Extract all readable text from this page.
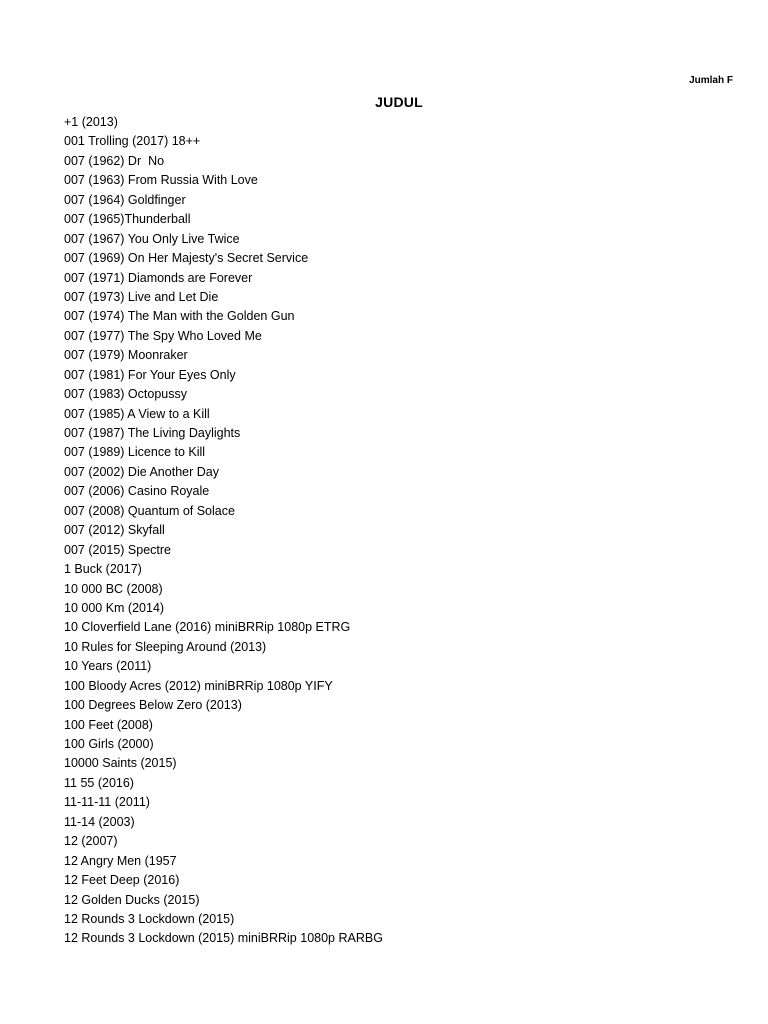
Jumlah F
JUDUL
+1 (2013)
001 Trolling (2017) 18++
007 (1962) Dr  No
007 (1963) From Russia With Love
007 (1964) Goldfinger
007 (1965)Thunderball
007 (1967) You Only Live Twice
007 (1969) On Her Majesty's Secret Service
007 (1971) Diamonds are Forever
007 (1973) Live and Let Die
007 (1974) The Man with the Golden Gun
007 (1977) The Spy Who Loved Me
007 (1979) Moonraker
007 (1981) For Your Eyes Only
007 (1983) Octopussy
007 (1985) A View to a Kill
007 (1987) The Living Daylights
007 (1989) Licence to Kill
007 (2002) Die Another Day
007 (2006) Casino Royale
007 (2008) Quantum of Solace
007 (2012) Skyfall
007 (2015) Spectre
1 Buck (2017)
10 000 BC (2008)
10 000 Km (2014)
10 Cloverfield Lane (2016) miniBRRip 1080p ETRG
10 Rules for Sleeping Around (2013)
10 Years (2011)
100 Bloody Acres (2012) miniBRRip 1080p YIFY
100 Degrees Below Zero (2013)
100 Feet (2008)
100 Girls (2000)
10000 Saints (2015)
11 55 (2016)
11-11-11 (2011)
11-14 (2003)
12 (2007)
12 Angry Men (1957
12 Feet Deep (2016)
12 Golden Ducks (2015)
12 Rounds 3 Lockdown (2015)
12 Rounds 3 Lockdown (2015) miniBRRip 1080p RARBG
